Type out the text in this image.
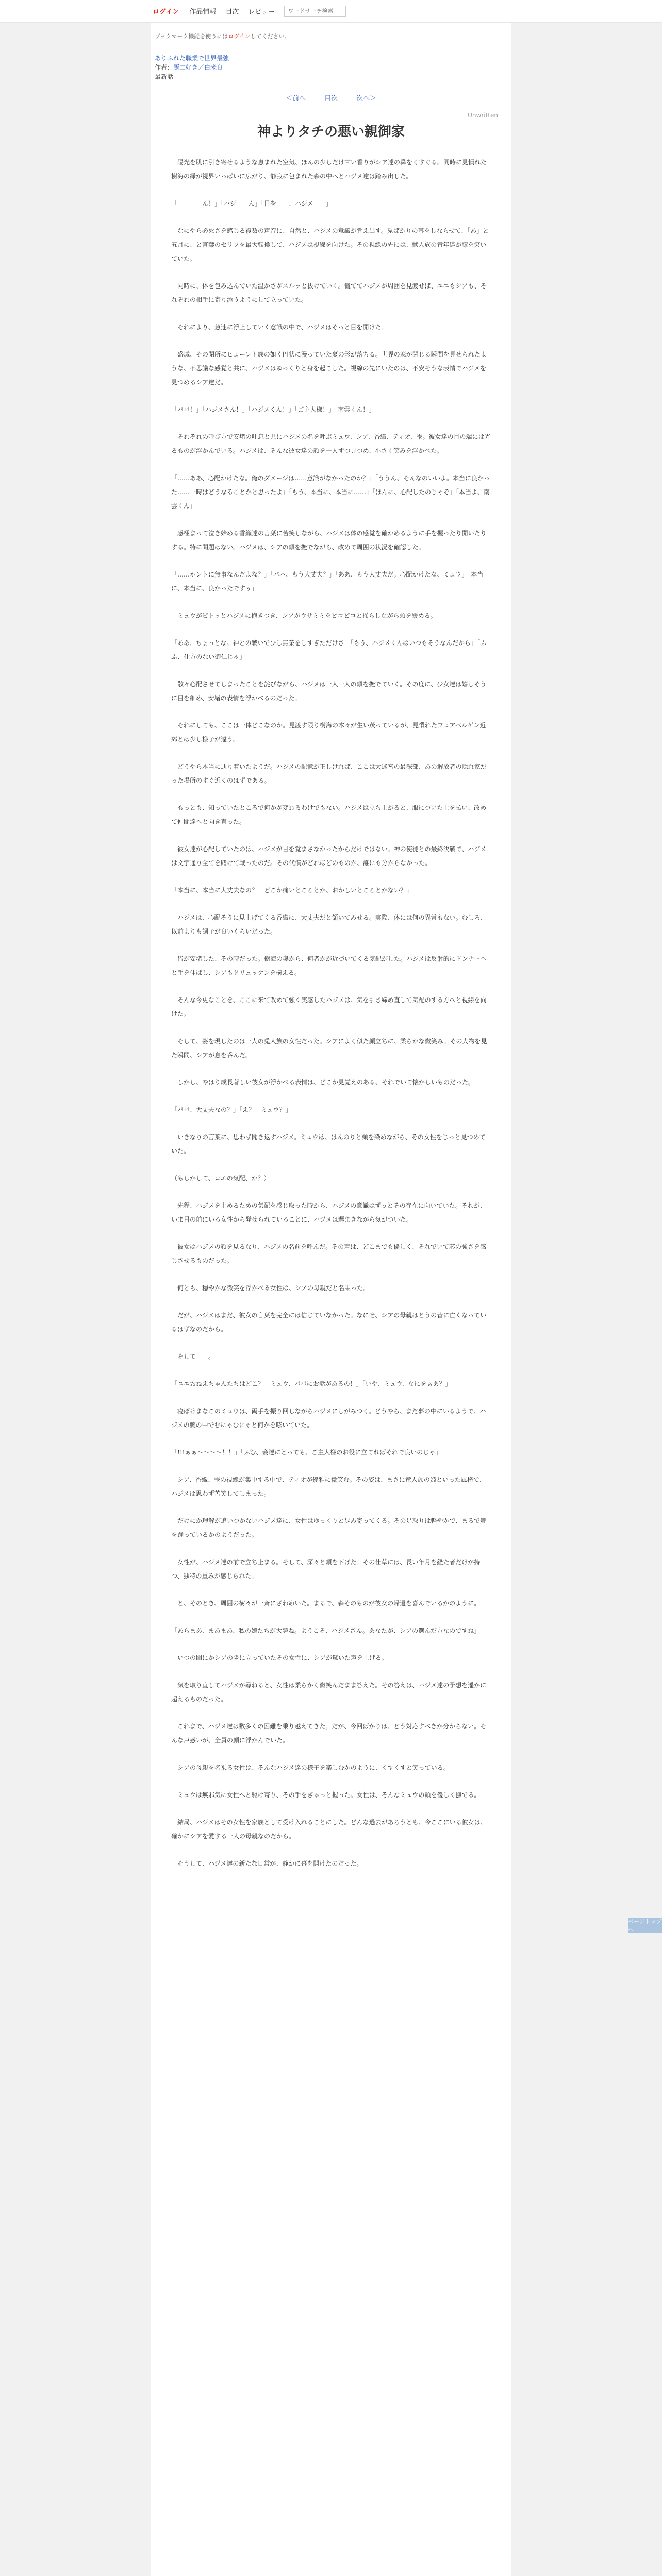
ログイン 作品情報 目次 レビュー
ワードサーチ検索
ブックマーク機能を使うにはログインしてください。
ありふれた職業で世界最強
作者：厨二好き／白米良
最新話
＜前へ	目次	次へ＞
Unwritten
神よりタチの悪い親御家

　陽光を肌に引き寄せるような恵まれた空気、ほんの少しだけ甘い香りがシア達の鼻をくすぐる。同時に見慣れた樹海の緑が視界いっぱいに広がり、静寂に包まれた森の中へとハジメ達は踏み出した。

「――――ん！」「ハジ――ん」「目を――、ハジメ――」

　なにやら必死さを感じる複数の声音に、自然と、ハジメの意識が覚え出す。兎ばかりの耳をしならせて、「あ」と五月に、と言葉のセリフを最大転換して、ハジメは視線を向けた。その視線の先には、獣人族の青年達が膝を突いていた。

　同時に、体を包み込んでいた温かさがスルッと抜けていく。慌ててハジメが周囲を見渡せば、ユエもシアも、それぞれの相手に寄り添うようにして立っていた。

　それにより、急速に浮上していく意識の中で、ハジメはそっと目を開けた。

　盛域、その閉所にヒューレト族の如く円状に漫っていた蔓の影が落ちる。世界の窓が閉じる瞬間を見せられたような、不思議な感覚と共に、ハジメはゆっくりと身を起こした。視線の先にいたのは、不安そうな表情でハジメを見つめるシア達だ。

「パパ！」「ハジメさん！」「ハジメくん！」「ご主人様！」「南雲くん！」

　それぞれの呼び方で安堵の吐息と共にハジメの名を呼ぶミュウ、シア、香織、ティオ、雫。彼女達の目の端には光るものが浮かんでいる。ハジメは、そんな彼女達の顔を一人ずつ見つめ、小さく笑みを浮かべた。

「……ああ、心配かけたな。俺のダメージは……意識がなかったのか？」「ううん、そんなのいいよ。本当に良かった……一時はどうなることかと思ったよ」「もう、本当に、本当に……」「ほんに、心配したのじゃぞ」「本当よ、南雲くん」

　感極まって泣き始める香織達の言葉に苦笑しながら、ハジメは体の感覚を確かめるように手を握ったり開いたりする。特に問題はない。ハジメは、シアの頭を撫でながら、改めて周囲の状況を確認した。

「……ホントに無事なんだよな？」「パパ、もう大丈夫？」「ああ、もう大丈夫だ。心配かけたな、ミュウ」「本当に、本当に、良かったですぅ」

　ミュウがピトッとハジメに抱きつき、シアがウサミミをピコピコと揺らしながら頬を緩める。

「ああ、ちょっとな。神との戦いで少し無茶をしすぎただけさ」「もう、ハジメくんはいつもそうなんだから」「ふふ、仕方のない御仁じゃ」

　散々心配させてしまったことを詫びながら、ハジメは一人一人の頭を撫でていく。その度に、少女達は嬉しそうに目を細め、安堵の表情を浮かべるのだった。

　それにしても、ここは一体どこなのか。見渡す限り樹海の木々が生い茂っているが、見慣れたフェアベルゲン近郊とは少し様子が違う。

　どうやら本当に辿り着いたようだ。ハジメの記憶が正しければ、ここは大迷宮の最深部、あの解放者の隠れ家だった場所のすぐ近くのはずである。

　もっとも、知っていたところで何かが変わるわけでもない。ハジメは立ち上がると、服についた土を払い、改めて仲間達へと向き直った。

　彼女達が心配していたのは、ハジメが目を覚まさなかったからだけではない。神の使徒との最終決戦で、ハジメは文字通り全てを賭けて戦ったのだ。その代償がどれほどのものか、誰にも分からなかった。

「本当に、本当に大丈夫なの？　どこか痛いところとか、おかしいところとかない？」

　ハジメは、心配そうに見上げてくる香織に、大丈夫だと頷いてみせる。実際、体には何の異常もない。むしろ、以前よりも調子が良いくらいだった。

　皆が安堵した、その時だった。樹海の奥から、何者かが近づいてくる気配がした。ハジメは反射的にドンナーへと手を伸ばし、シアもドリュッケンを構える。

　そんな今更なことを、ここに来て改めて強く実感したハジメは、気を引き締め直して気配のする方へと視線を向けた。

　そして、姿を現したのは一人の兎人族の女性だった。シアによく似た顔立ちに、柔らかな微笑み。その人物を見た瞬間、シアが息を呑んだ。

　しかし、やはり成長著しい彼女が浮かべる表情は、どこか見覚えのある、それでいて懐かしいものだった。

「パパ、大丈夫なの？」「え？　ミュウ？」

　いきなりの言葉に、思わず聞き返すハジメ。ミュウは、はんのりと頬を染めながら、その女性をじっと見つめていた。

（もしかして、コエの気配、か？）

　先程、ハジメを止めるための気配を感じ取った時から、ハジメの意識はずっとその存在に向いていた。それが、いま目の前にいる女性から発せられていることに、ハジメは遅まきながら気がついた。

　彼女はハジメの顔を見るなり、ハジメの名前を呼んだ。その声は、どこまでも優しく、それでいて芯の強さを感じさせるものだった。

　何とも、穏やかな微笑を浮かべる女性は、シアの母親だと名乗った。

　だが、ハジメはまだ、彼女の言葉を完全には信じていなかった。なにせ、シアの母親はとうの昔に亡くなっているはずなのだから。

　そして――。

「ユエおねえちゃんたちはどこ？　ミュウ、パパにお話があるの！」「いや、ミュウ、なにをぁあ？」

　寝ぼけまなこのミュウは、両手を振り回しながらハジメにしがみつく。どうやら、まだ夢の中にいるようで、ハジメの腕の中でむにゃむにゃと何かを呟いていた。

「!!!ぁぁ〜〜〜〜！！」「ふむ、妾達にとっても、ご主人様のお役に立てればそれで良いのじゃ」

　シア、香織、雫の視線が集中する中で、ティオが優雅に微笑む。その姿は、まさに竜人族の姫といった風格で、ハジメは思わず苦笑してしまった。

　だけにか理解が追いつかないハジメ達に、女性はゆっくりと歩み寄ってくる。その足取りは軽やかで、まるで舞を踊っているかのようだった。

　女性が、ハジメ達の前で立ち止まる。そして、深々と頭を下げた。その仕草には、長い年月を経た者だけが持つ、独特の重みが感じられた。

　と、そのとき、周囲の樹々が一斉にざわめいた。まるで、森そのものが彼女の帰還を喜んでいるかのように。

「あらまあ、まあまあ、私の娘たちが大勢ね。ようこそ、ハジメさん。あなたが、シアの選んだ方なのですね」

　いつの間にかシアの隣に立っていたその女性に、シアが驚いた声を上げる。

　気を取り直してハジメが尋ねると、女性は柔らかく微笑んだまま答えた。その答えは、ハジメ達の予想を遥かに超えるものだった。

　これまで、ハジメ達は数多くの困難を乗り越えてきた。だが、今回ばかりは、どう対応すべきか分からない。そんな戸惑いが、全員の顔に浮かんでいた。

　シアの母親を名乗る女性は、そんなハジメ達の様子を楽しむかのように、くすくすと笑っている。

　ミュウは無邪気に女性へと駆け寄り、その手をぎゅっと握った。女性は、そんなミュウの頭を優しく撫でる。

　結局、ハジメはその女性を家族として受け入れることにした。どんな過去があろうとも、今ここにいる彼女は、確かにシアを愛する一人の母親なのだから。

　そうして、ハジメ達の新たな日常が、静かに幕を開けたのだった。

ページトップへ
